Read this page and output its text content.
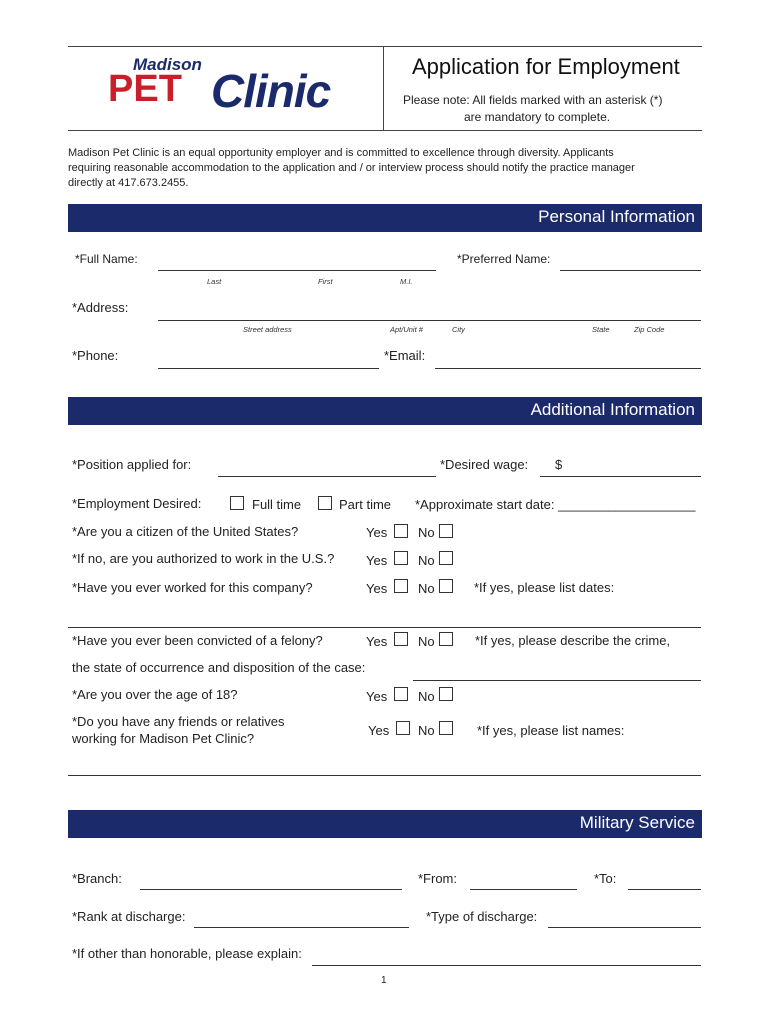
Madison
PET Clinic	Application for Employment
Please note: All fields marked with an asterisk (*)
are mandatory to complete.
Madison Pet Clinic is an equal opportunity employer and is committed to excellence through diversity. Applicants
requiring reasonable accommodation to the application and / or interview process should notify the practice manager
directly at 417.673.2455.
Personal Information
*Full Name:
Last	First	M.I.
*Preferred Name:
*Address:
Street address	Apt/Unit #	City	State	Zip Code
*Phone:	*Email:
Additional Information
*Position applied for:	*Desired wage: $
*Employment Desired:	Full time	Part time *Approximate start date: ___________________
*Are you a citizen of the United States?	Yes No
*If no, are you authorized to work in the U.S.? Yes No
*Have you ever worked for this company?	Yes No	*If yes, please list dates:
*Have you ever been convicted of a felony?	Yes No	*If yes, please describe the crime,
the state of occurrence and disposition of the case:
*Are you over the age of 18?	Yes No
*Do you have any friends or relatives
working for Madison Pet Clinic?
Yes No	*If yes, please list names:
Military Service
*Branch:	*From:	*To:
*Rank at discharge:	*Type of discharge:
*If other than honorable, please explain:
1
